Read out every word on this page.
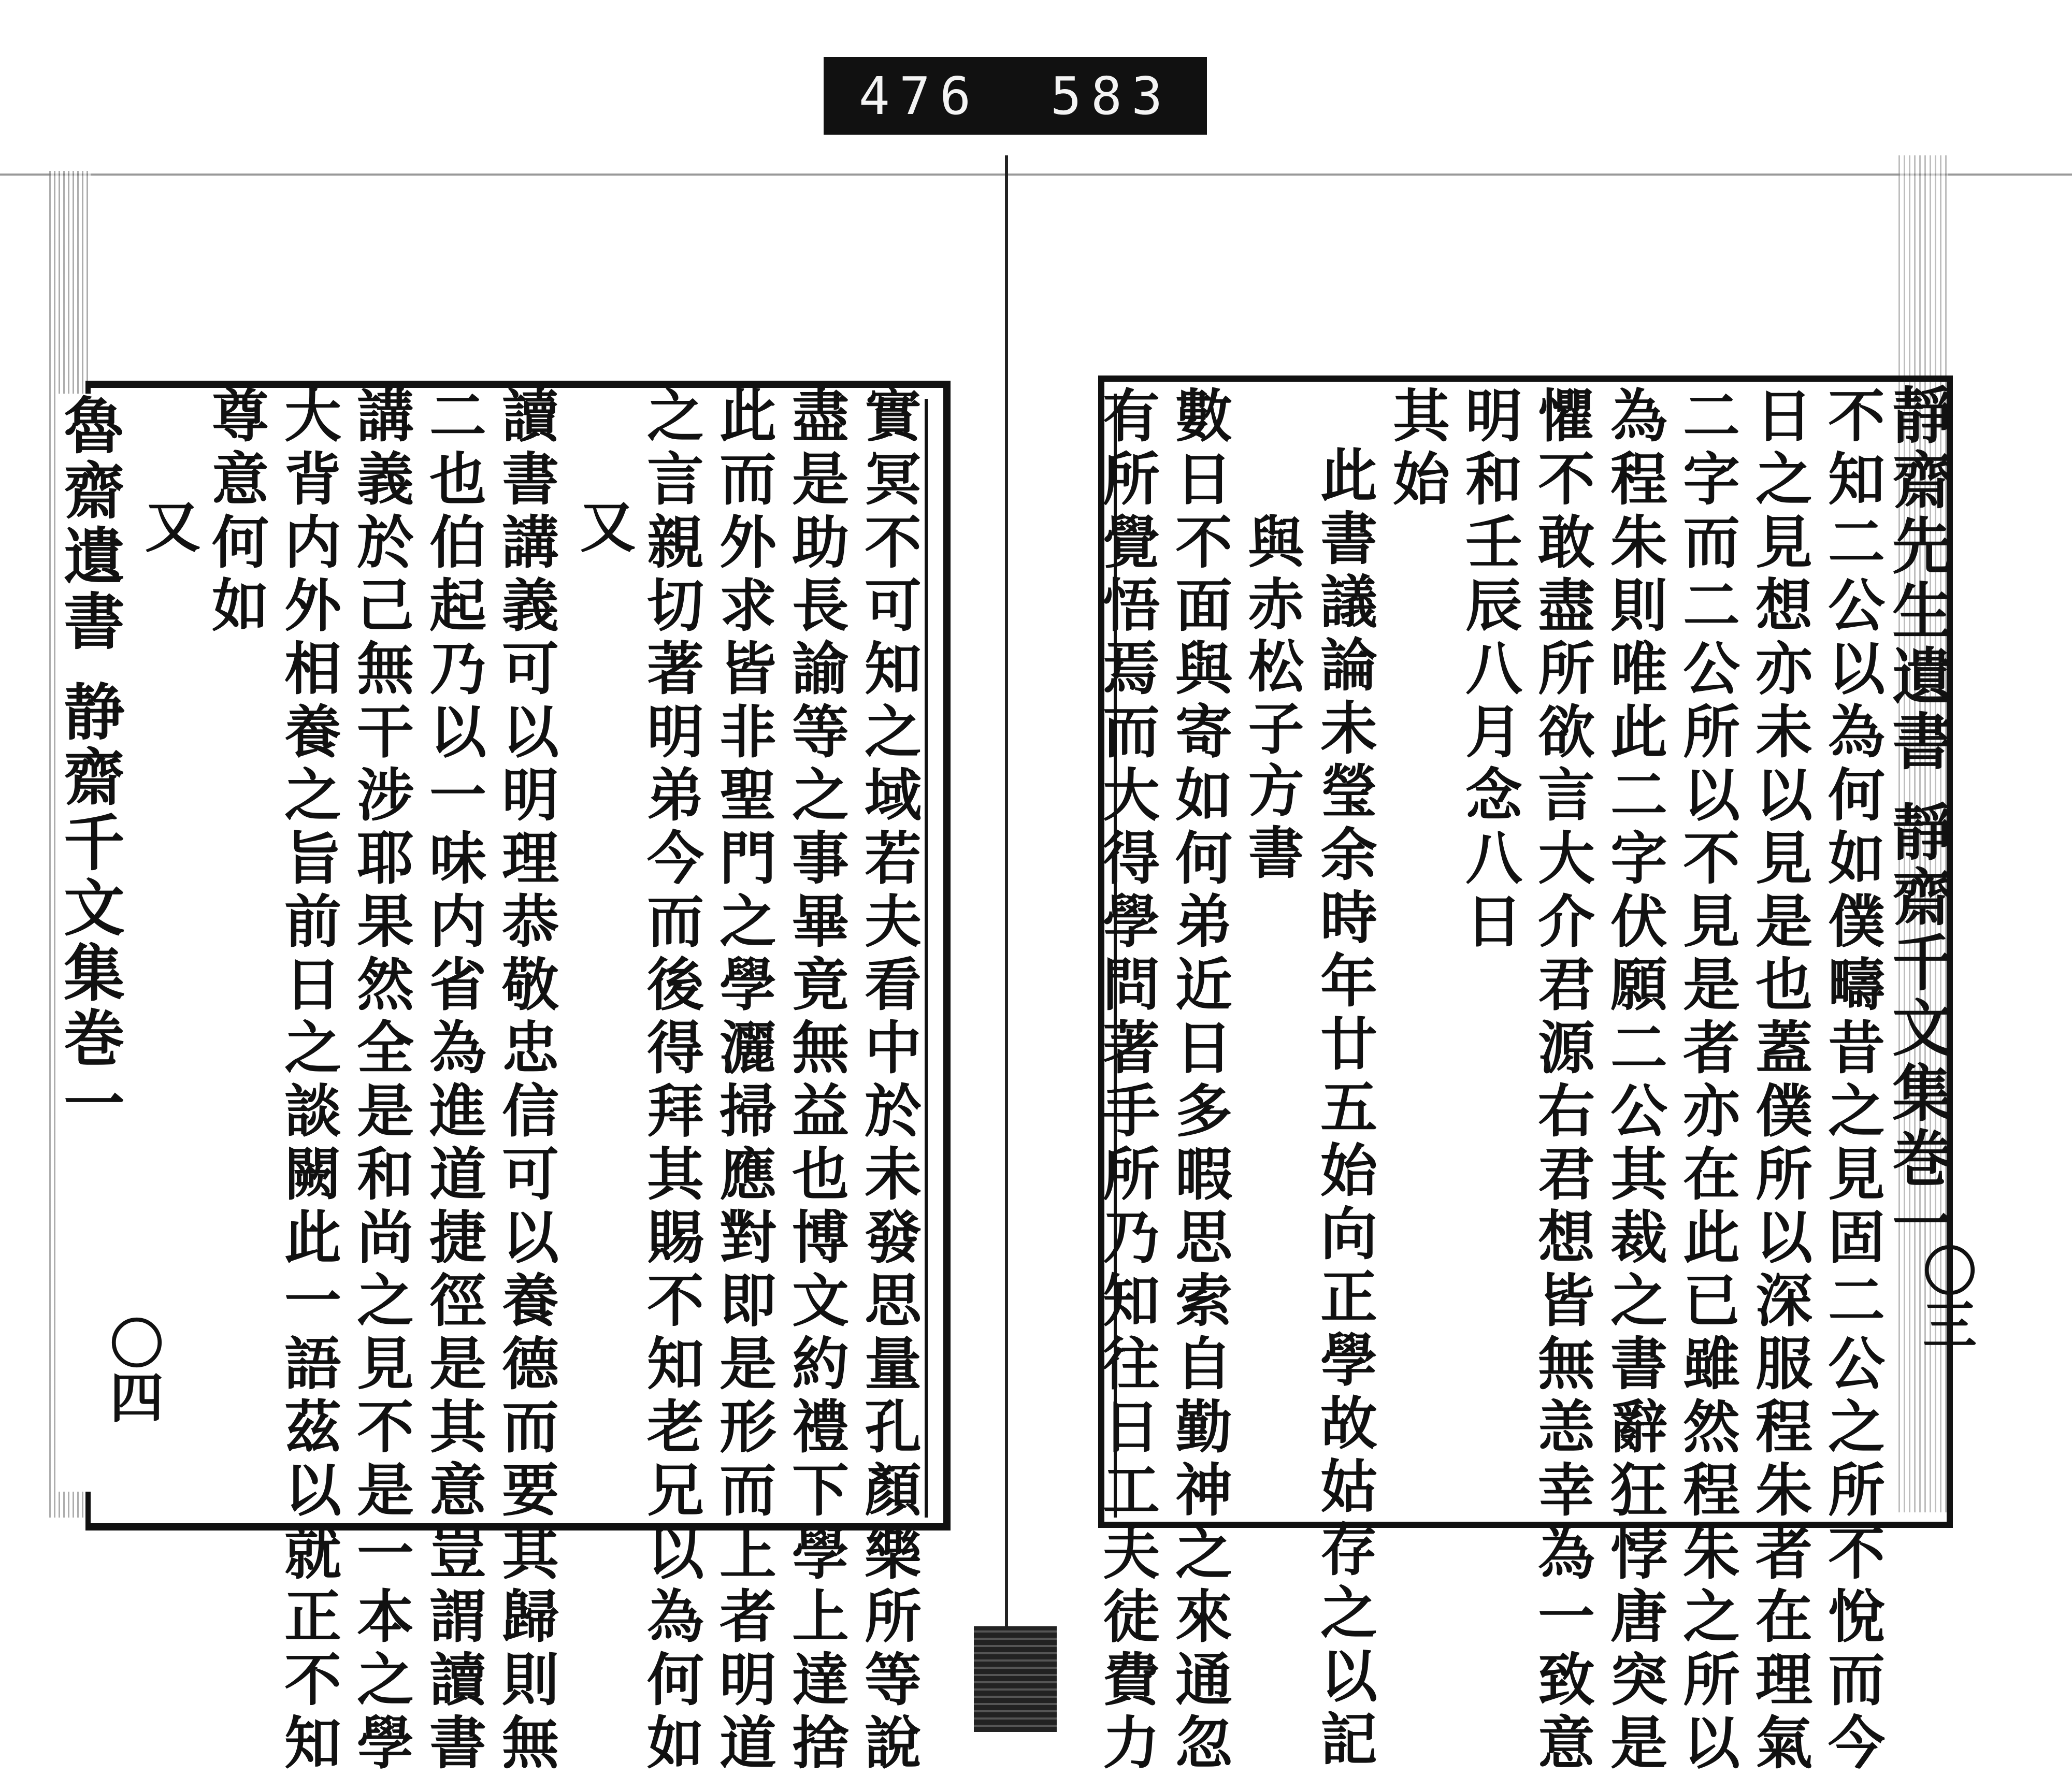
476 583
魯齋遺書 静齋千文集巻一
〇四	實冥不可知之域若夫看中於未發思量孔顏樂所等說
盡是助長諭等之事畢竟無益也博文約禮下學上達捨
此而外求皆非聖門之學灑掃應對即是形而上者明道
之言親切著明弟今而後得拜其賜不知老兄以為何如
又
讀書講義可以明理恭敬忠信可以養德而要其歸則無
二也伯起乃以一味内省為進道捷徑是其意豈謂讀書
講義於己無干涉耶果然全是和尚之見不是一本之學
大背内外相養之旨前日之談闕此一語茲以就正不知
尊意何如
又	靜齋先生遺書 靜齋千文集巻一
〇三
不知二公以為何如僕疇昔之見固二公之所不悅而今
日之見想亦未以見是也蓋僕所以深服程朱者在理氣
二字而二公所以不見是者亦在此已雖然程朱之所以
為程朱則唯此二字伏願二公其裁之書辭狂悖唐突是
懼不敢盡所欲言大介君源右君想皆無恙幸為一致意
明和壬辰八月念八日
其始
此書議論未瑩余時年廿五始向正學故姑存之以記
與赤松子方書
數日不面與寄如何弟近日多暇思索自勤神之來通忽
有所覺悟焉而大得學問著手所乃知往日工夫徒費力
